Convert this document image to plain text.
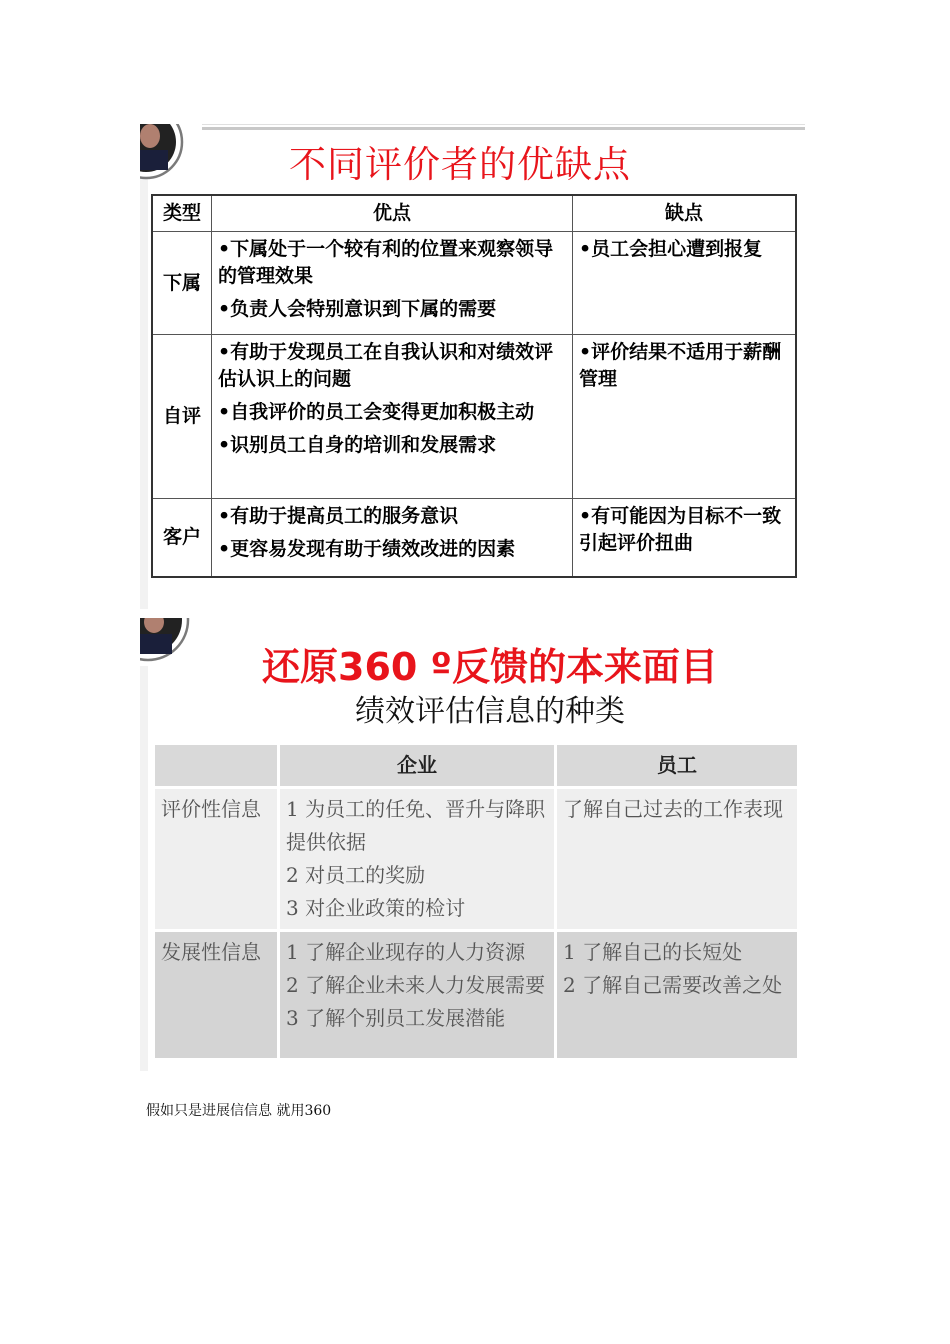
不同评价者的优缺点
类型	优点	缺点
下属	•下属处于一个较有利的位置来观察领导的管理效果
•负责人会特别意识到下属的需要	•员工会担心遭到报复

自评	•有助于发现员工在自我认识和对绩效评估认识上的问题
•自我评价的员工会变得更加积极主动
•识别员工自身的培训和发展需求	•评价结果不适用于薪酬管理

客户	•有助于提高员工的服务意识
•更容易发现有助于绩效改进的因素	•有可能因为目标不一致引起评价扭曲
还原360 º反馈的本来面目
绩效评估信息的种类
	企业	员工
评价性信息	1 为员工的任免、晋升与降职提供依据
2 对员工的奖励
3 对企业政策的检讨	了解自己过去的工作表现

发展性信息	1 了解企业现存的人力资源
2 了解企业未来人力发展需要
3 了解个别员工发展潜能	1 了解自己的长短处
2 了解自己需要改善之处
假如只是进展信信息 就用360
